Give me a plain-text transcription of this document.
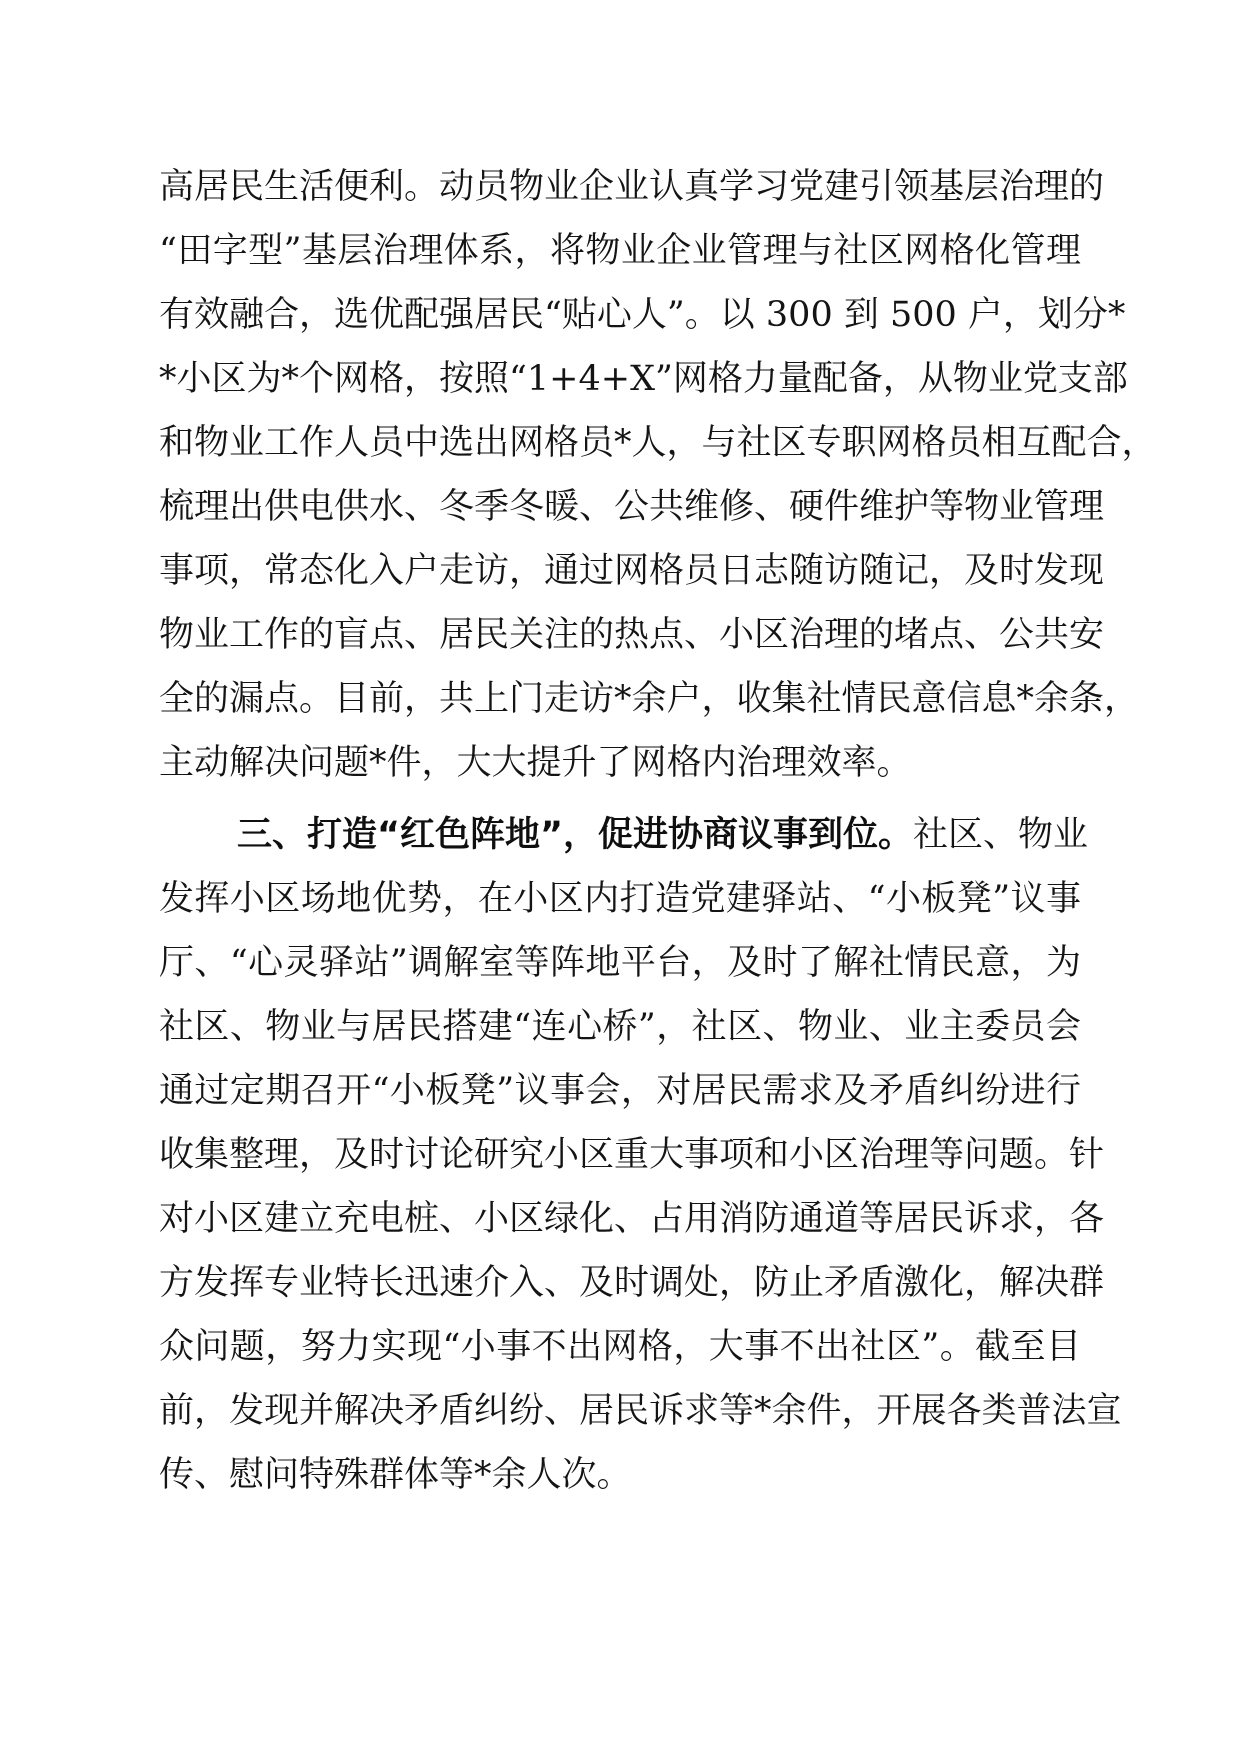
高居民生活便利。动员物业企业认真学习党建引领基层治理的
“田字型”基层治理体系，将物业企业管理与社区网格化管理
有效融合，选优配强居民“贴心人”。以 300 到 500 户，划分*
*小区为*个网格，按照“1+4+X”网格力量配备，从物业党支部
和物业工作人员中选出网格员*人，与社区专职网格员相互配合，
梳理出供电供水、冬季冬暖、公共维修、硬件维护等物业管理
事项，常态化入户走访，通过网格员日志随访随记，及时发现
物业工作的盲点、居民关注的热点、小区治理的堵点、公共安
全的漏点。目前，共上门走访*余户，收集社情民意信息*余条，
主动解决问题*件，大大提升了网格内治理效率。
三、打造“红色阵地”，促进协商议事到位。社区、物业
发挥小区场地优势，在小区内打造党建驿站、“小板凳”议事
厅、“心灵驿站”调解室等阵地平台，及时了解社情民意，为
社区、物业与居民搭建“连心桥”，社区、物业、业主委员会
通过定期召开“小板凳”议事会，对居民需求及矛盾纠纷进行
收集整理，及时讨论研究小区重大事项和小区治理等问题。针
对小区建立充电桩、小区绿化、占用消防通道等居民诉求，各
方发挥专业特长迅速介入、及时调处，防止矛盾激化，解决群
众问题，努力实现“小事不出网格，大事不出社区”。截至目
前，发现并解决矛盾纠纷、居民诉求等*余件，开展各类普法宣
传、慰问特殊群体等*余人次。
